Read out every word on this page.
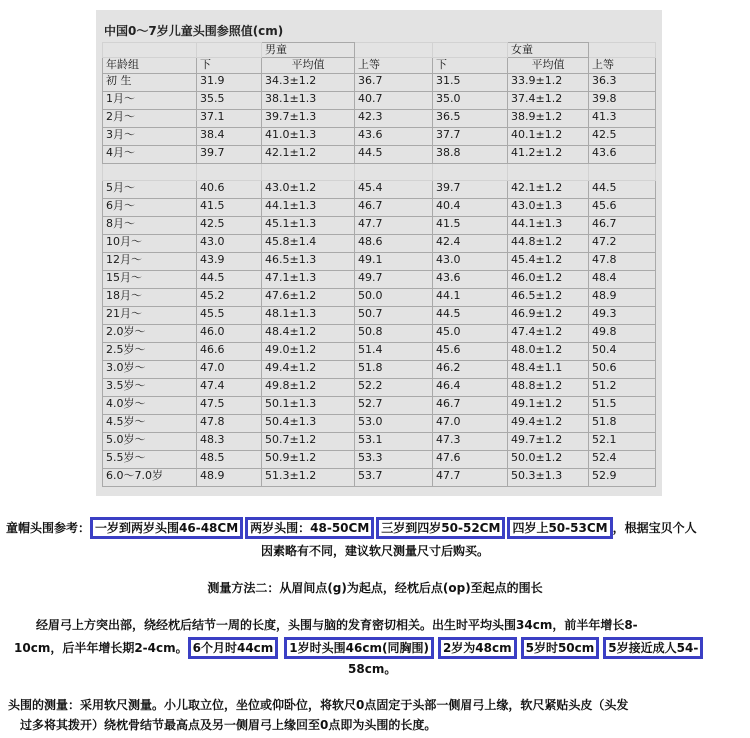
中国0～7岁儿童头围参照值(cm)
		男童			女童	
年龄组	下	平均值	上等	下	平均值	上等
初 生	31.9	34.3±1.2	36.7	31.5	33.9±1.2	36.3
1月～	35.5	38.1±1.3	40.7	35.0	37.4±1.2	39.8
2月～	37.1	39.7±1.3	42.3	36.5	38.9±1.2	41.3
3月～	38.4	41.0±1.3	43.6	37.7	40.1±1.2	42.5
4月～	39.7	42.1±1.2	44.5	38.8	41.2±1.2	43.6

5月～	40.6	43.0±1.2	45.4	39.7	42.1±1.2	44.5
6月～	41.5	44.1±1.3	46.7	40.4	43.0±1.3	45.6
8月～	42.5	45.1±1.3	47.7	41.5	44.1±1.3	46.7
10月～	43.0	45.8±1.4	48.6	42.4	44.8±1.2	47.2
12月～	43.9	46.5±1.3	49.1	43.0	45.4±1.2	47.8
15月～	44.5	47.1±1.3	49.7	43.6	46.0±1.2	48.4
18月～	45.2	47.6±1.2	50.0	44.1	46.5±1.2	48.9
21月～	45.5	48.1±1.3	50.7	44.5	46.9±1.2	49.3
2.0岁～	46.0	48.4±1.2	50.8	45.0	47.4±1.2	49.8
2.5岁～	46.6	49.0±1.2	51.4	45.6	48.0±1.2	50.4
3.0岁～	47.0	49.4±1.2	51.8	46.2	48.4±1.1	50.6
3.5岁～	47.4	49.8±1.2	52.2	46.4	48.8±1.2	51.2
4.0岁～	47.5	50.1±1.3	52.7	46.7	49.1±1.2	51.5
4.5岁～	47.8	50.4±1.3	53.0	47.0	49.4±1.2	51.8
5.0岁～	48.3	50.7±1.2	53.1	47.3	49.7±1.2	52.1
5.5岁～	48.5	50.9±1.2	53.3	47.6	50.0±1.2	52.4
6.0～7.0岁	48.9	51.3±1.2	53.7	47.7	50.3±1.3	52.9
童帽头围参考： 一岁到两岁头围46-48CM 两岁头围：48-50CM 三岁到四岁50-52CM 四岁上50-53CM ，根据宝贝个人
因素略有不同，建议软尺测量尺寸后购买。
测量方法二：从眉间点(g)为起点，经枕后点(op)至起点的围长
经眉弓上方突出部，绕经枕后结节一周的长度，头围与脑的发育密切相关。出生时平均头围34cm，前半年增长8-
10cm，后半年增长期2-4cm。 6个月时44cm 1岁时头围46cm(同胸围) 2岁为48cm 5岁时50cm 5岁接近成人54-
58cm。
头围的测量：采用软尺测量。小儿取立位，坐位或仰卧位，将软尺0点固定于头部一侧眉弓上缘，软尺紧贴头皮（头发
过多将其拨开）绕枕骨结节最高点及另一侧眉弓上缘回至0点即为头围的长度。
